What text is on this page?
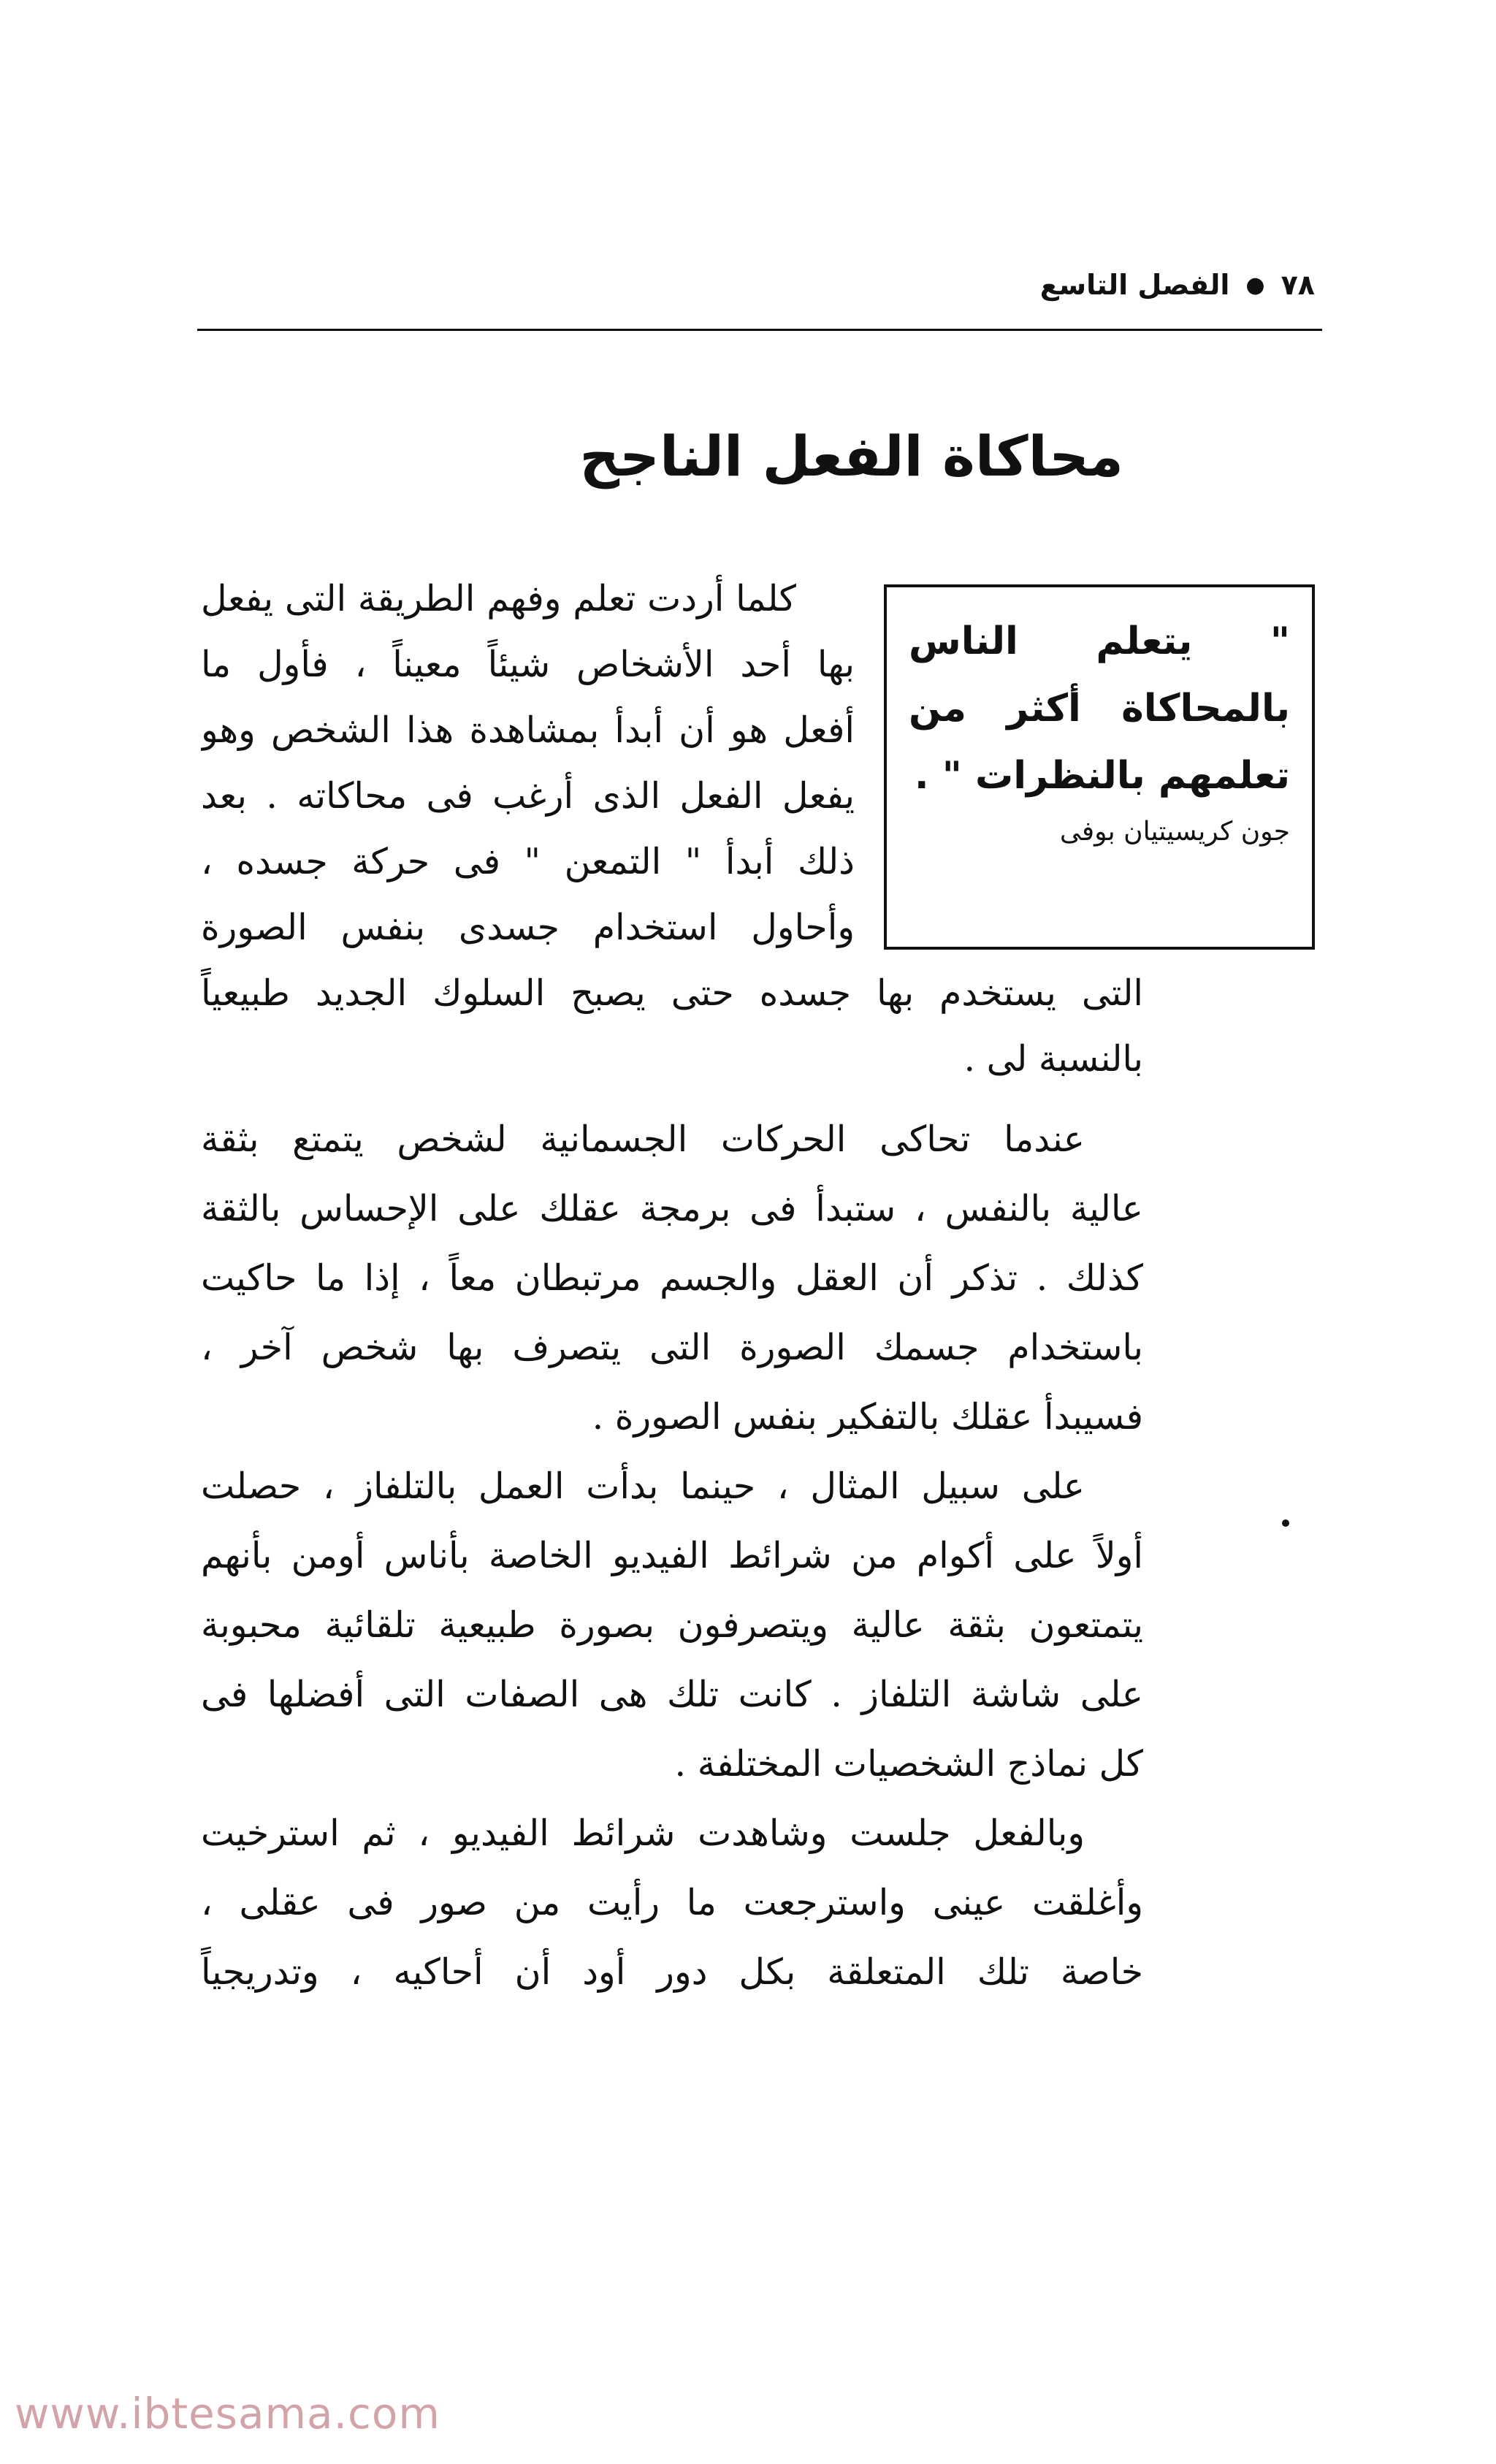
٧٨
●
الفصل التاسع
محاكاة الفعل الناجح
" يتعلم الناس بالمحاكاة أكثر من تعلمهم بالنظرات " .
جون كريسيتيان بوفى
كلما أردت تعلم وفهم الطريقة التى يفعل
بها أحد الأشخاص شيئاً معيناً ، فأول ما
أفعل هو أن أبدأ بمشاهدة هذا الشخص وهو
يفعل الفعل الذى أرغب فى محاكاته . بعد
ذلك أبدأ " التمعن " فى حركة جسده ،
وأحاول استخدام جسدى بنفس الصورة
التى يستخدم بها جسده حتى يصبح السلوك الجديد طبيعياً
بالنسبة لى .
عندما تحاكى الحركات الجسمانية لشخص يتمتع بثقة
عالية بالنفس ، ستبدأ فى برمجة عقلك على الإحساس بالثقة
كذلك . تذكر أن العقل والجسم مرتبطان معاً ، إذا ما حاكيت
باستخدام جسمك الصورة التى يتصرف بها شخص آخر ،
فسيبدأ عقلك بالتفكير بنفس الصورة .
على سبيل المثال ، حينما بدأت العمل بالتلفاز ، حصلت
أولاً على أكوام من شرائط الفيديو الخاصة بأناس أومن بأنهم
يتمتعون بثقة عالية ويتصرفون بصورة طبيعية تلقائية محبوبة
على شاشة التلفاز . كانت تلك هى الصفات التى أفضلها فى
كل نماذج الشخصيات المختلفة .
وبالفعل جلست وشاهدت شرائط الفيديو ، ثم استرخيت
وأغلقت عينى واسترجعت ما رأيت من صور فى عقلى ،
خاصة تلك المتعلقة بكل دور أود أن أحاكيه ، وتدريجياً
www.ibtesama.com
